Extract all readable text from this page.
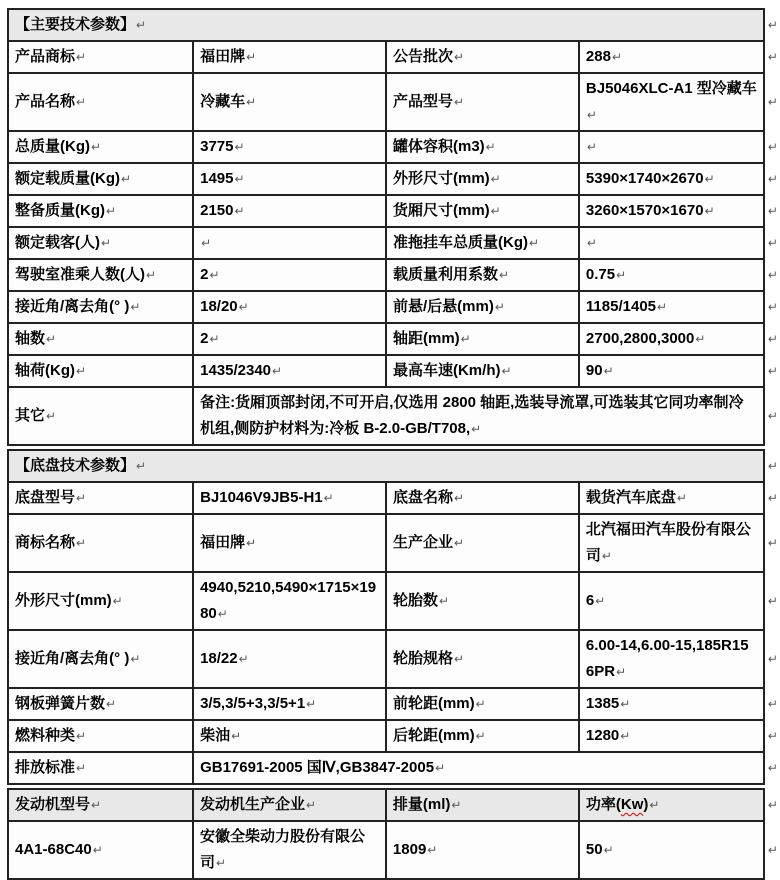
【主要技术参数】↵				↵
产品商标↵	福田牌↵	公告批次↵	288↵	↵
产品名称↵	冷藏车↵	产品型号↵	BJ5046XLC-A1 型冷藏车↵	↵
总质量(Kg)↵	3775↵	罐体容积(m3)↵	↵	↵
额定载质量(Kg)↵	1495↵	外形尺寸(mm)↵	5390×1740×2670↵	↵
整备质量(Kg)↵	2150↵	货厢尺寸(mm)↵	3260×1570×1670↵	↵
额定载客(人)↵	↵	准拖挂车总质量(Kg)↵	↵	↵
驾驶室准乘人数(人)↵	2↵	载质量利用系数↵	0.75↵	↵
接近角/离去角(° )↵	18/20↵	前悬/后悬(mm)↵	1185/1405↵	↵
轴数↵	2↵	轴距(mm)↵	2700,2800,3000↵	↵
轴荷(Kg)↵	1435/2340↵	最高车速(Km/h)↵	90↵	↵
其它↵	备注:货厢顶部封闭,不可开启,仅选用 2800 轴距,选装导流罩,可选装其它同功率制冷机组,侧防护材料为:冷板 B-2.0-GB/T708,↵			↵
【底盘技术参数】↵				↵
底盘型号↵	BJ1046V9JB5-H1↵	底盘名称↵	载货汽车底盘↵	↵
商标名称↵	福田牌↵	生产企业↵	北汽福田汽车股份有限公司↵	↵
外形尺寸(mm)↵	4940,5210,5490×1715×1980↵	轮胎数↵	6↵	↵
接近角/离去角(° )↵	18/22↵	轮胎规格↵	6.00-14,6.00-15,185R15 6PR↵	↵
钢板弹簧片数↵	3/5,3/5+3,3/5+1↵	前轮距(mm)↵	1385↵	↵
燃料种类↵	柴油↵	后轮距(mm)↵	1280↵	↵
排放标准↵	GB17691-2005 国Ⅳ,GB3847-2005↵			↵
发动机型号↵	发动机生产企业↵	排量(ml)↵	功率(Kw)↵	↵
4A1-68C40↵	安徽全柴动力股份有限公司↵	1809↵	50↵	↵
